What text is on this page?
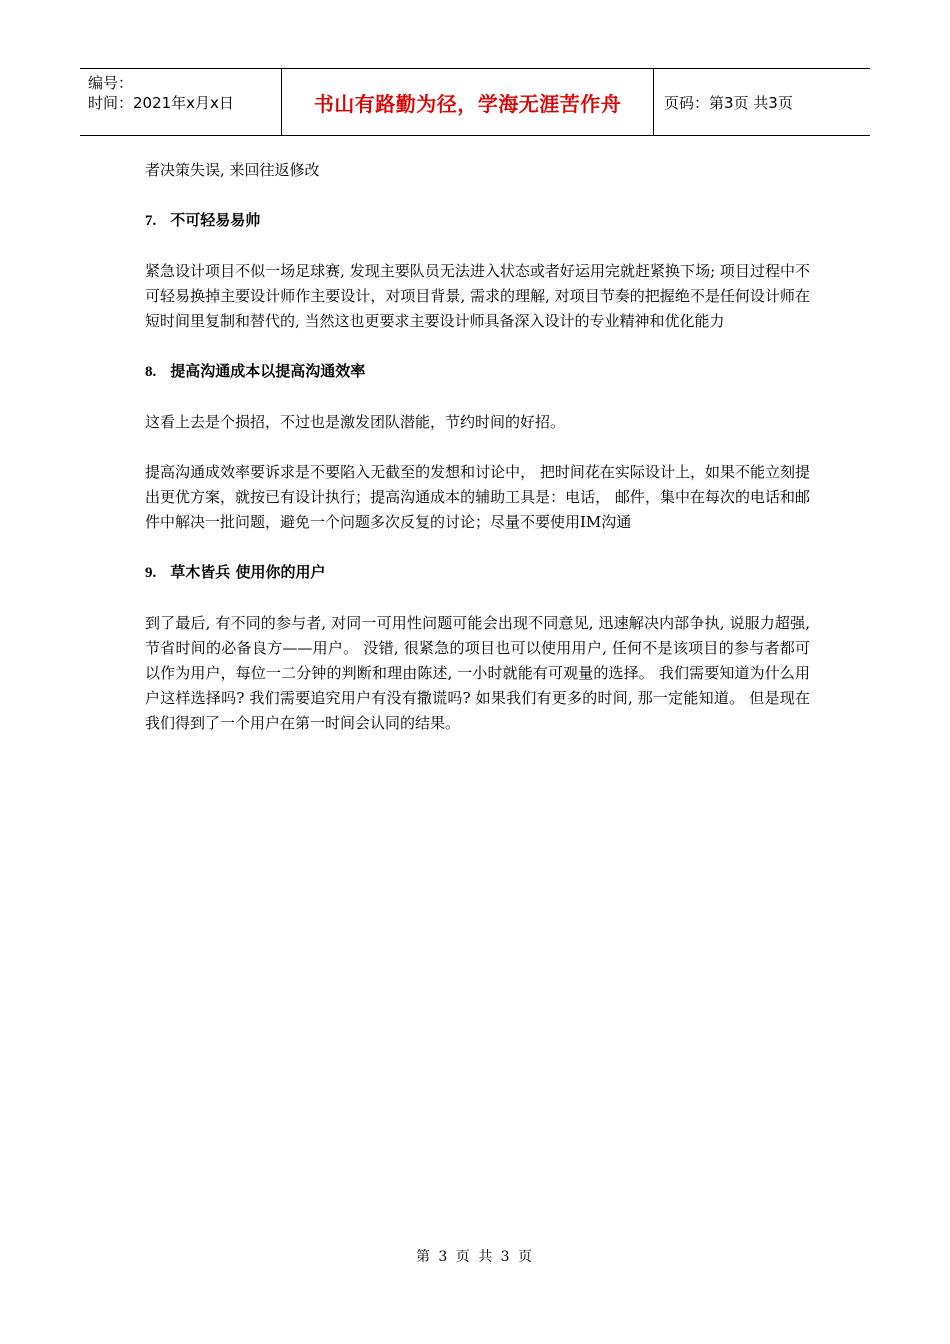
编号：
时间：2021年x月x日	书山有路勤为径，学海无涯苦作舟	页码：第3页 共3页

者决策失误, 来回往返修改

7. 不可轻易易帅

紧急设计项目不似一场足球赛, 发现主要队员无法进入状态或者好运用完就赶紧换下场; 项目过程中不可轻易换掉主要设计师作主要设计，对项目背景, 需求的理解, 对项目节奏的把握绝不是任何设计师在短时间里复制和替代的, 当然这也更要求主要设计师具备深入设计的专业精神和优化能力

8. 提高沟通成本以提高沟通效率

这看上去是个损招，不过也是激发团队潜能，节约时间的好招。

提高沟通成效率要诉求是不要陷入无截至的发想和讨论中， 把时间花在实际设计上，如果不能立刻提出更优方案，就按已有设计执行；提高沟通成本的辅助工具是：电话， 邮件，集中在每次的电话和邮件中解决一批问题，避免一个问题多次反复的讨论；尽量不要使用IM沟通

9. 草木皆兵 使用你的用户

到了最后, 有不同的参与者, 对同一可用性问题可能会出现不同意见, 迅速解决内部争执, 说服力超强, 节省时间的必备良方——用户。 没错, 很紧急的项目也可以使用用户, 任何不是该项目的参与者都可以作为用户，每位一二分钟的判断和理由陈述, 一小时就能有可观量的选择。 我们需要知道为什么用户这样选择吗? 我们需要追究用户有没有撒谎吗? 如果我们有更多的时间, 那一定能知道。 但是现在我们得到了一个用户在第一时间会认同的结果。

第 3 页 共 3 页
